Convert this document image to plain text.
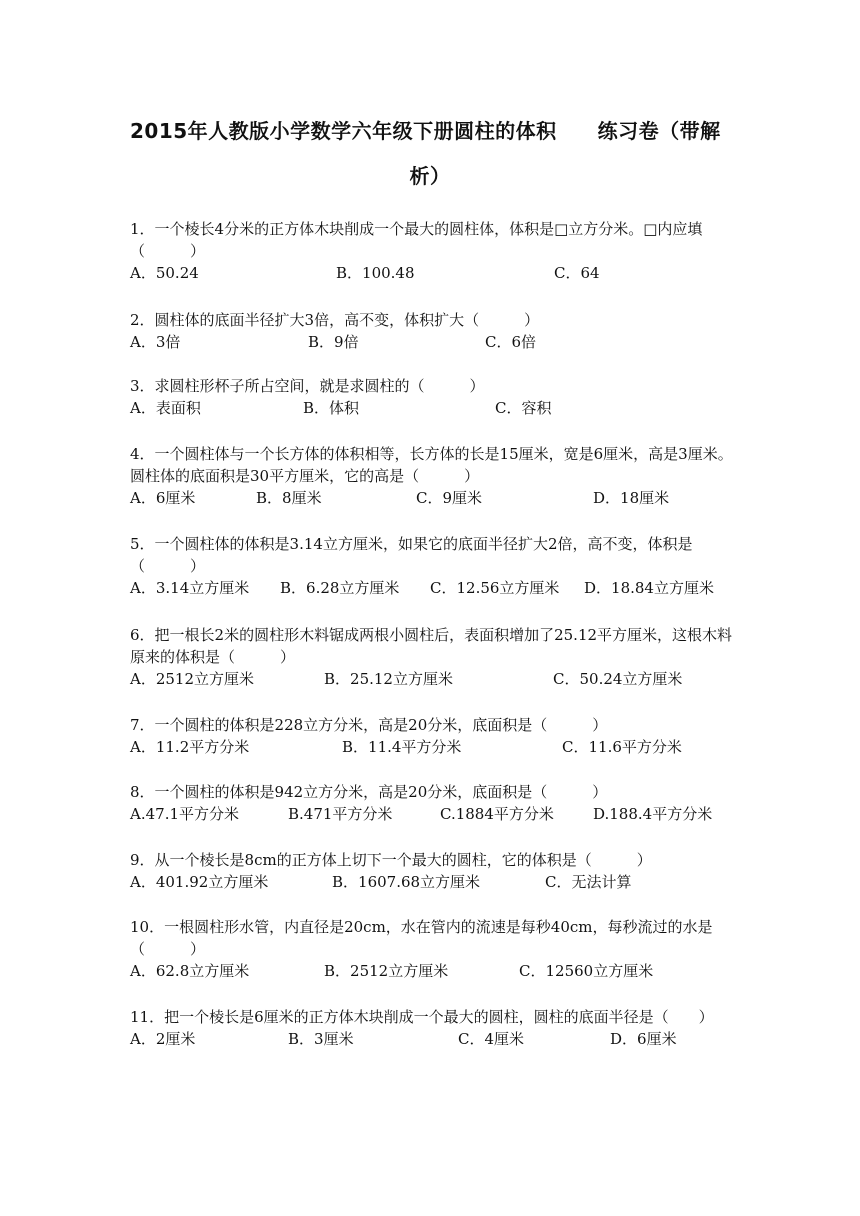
2015年人教版小学数学六年级下册圆柱的体积　　练习卷（带解
析）
1．一个棱长4分米的正方体木块削成一个最大的圆柱体，体积是□立方分米。□内应填（　　　）
A．50.24	B．100.48	C．64
2．圆柱体的底面半径扩大3倍，高不变，体积扩大（　　　）
A．3倍	B．9倍	C．6倍
3．求圆柱形杯子所占空间，就是求圆柱的（　　　）
A．表面积	B．体积	C．容积
4．一个圆柱体与一个长方体的体积相等，长方体的长是15厘米，宽是6厘米，高是3厘米。圆柱体的底面积是30平方厘米，它的高是（　　　）
A．6厘米	B．8厘米	C．9厘米	D．18厘米
5．一个圆柱体的体积是3.14立方厘米，如果它的底面半径扩大2倍，高不变，体积是（　　　）
A．3.14立方厘米 B．6.28立方厘米 C．12.56立方厘米 D．18.84立方厘米
6．把一根长2米的圆柱形木料锯成两根小圆柱后，表面积增加了25.12平方厘米，这根木料原来的体积是（　　　）
A．2512立方厘米	B．25.12立方厘米	C．50.24立方厘米
7．一个圆柱的体积是228立方分米，高是20分米，底面积是（　　　）
A．11.2平方分米	B．11.4平方分米	C．11.6平方分米
8．一个圆柱的体积是942立方分米，高是20分米，底面积是（　　　）
A.47.1平方分米	B.471平方分米	C.1884平方分米	D.188.4平方分米
9．从一个棱长是8cm的正方体上切下一个最大的圆柱，它的体积是（　　　）
A．401.92立方厘米	B．1607.68立方厘米	C．无法计算
10．一根圆柱形水管，内直径是20cm，水在管内的流速是每秒40cm，每秒流过的水是（　　　）
A．62.8立方厘米	B．2512立方厘米	C．12560立方厘米
11．把一个棱长是6厘米的正方体木块削成一个最大的圆柱，圆柱的底面半径是（　　）
A．2厘米	B．3厘米	C．4厘米	D．6厘米
